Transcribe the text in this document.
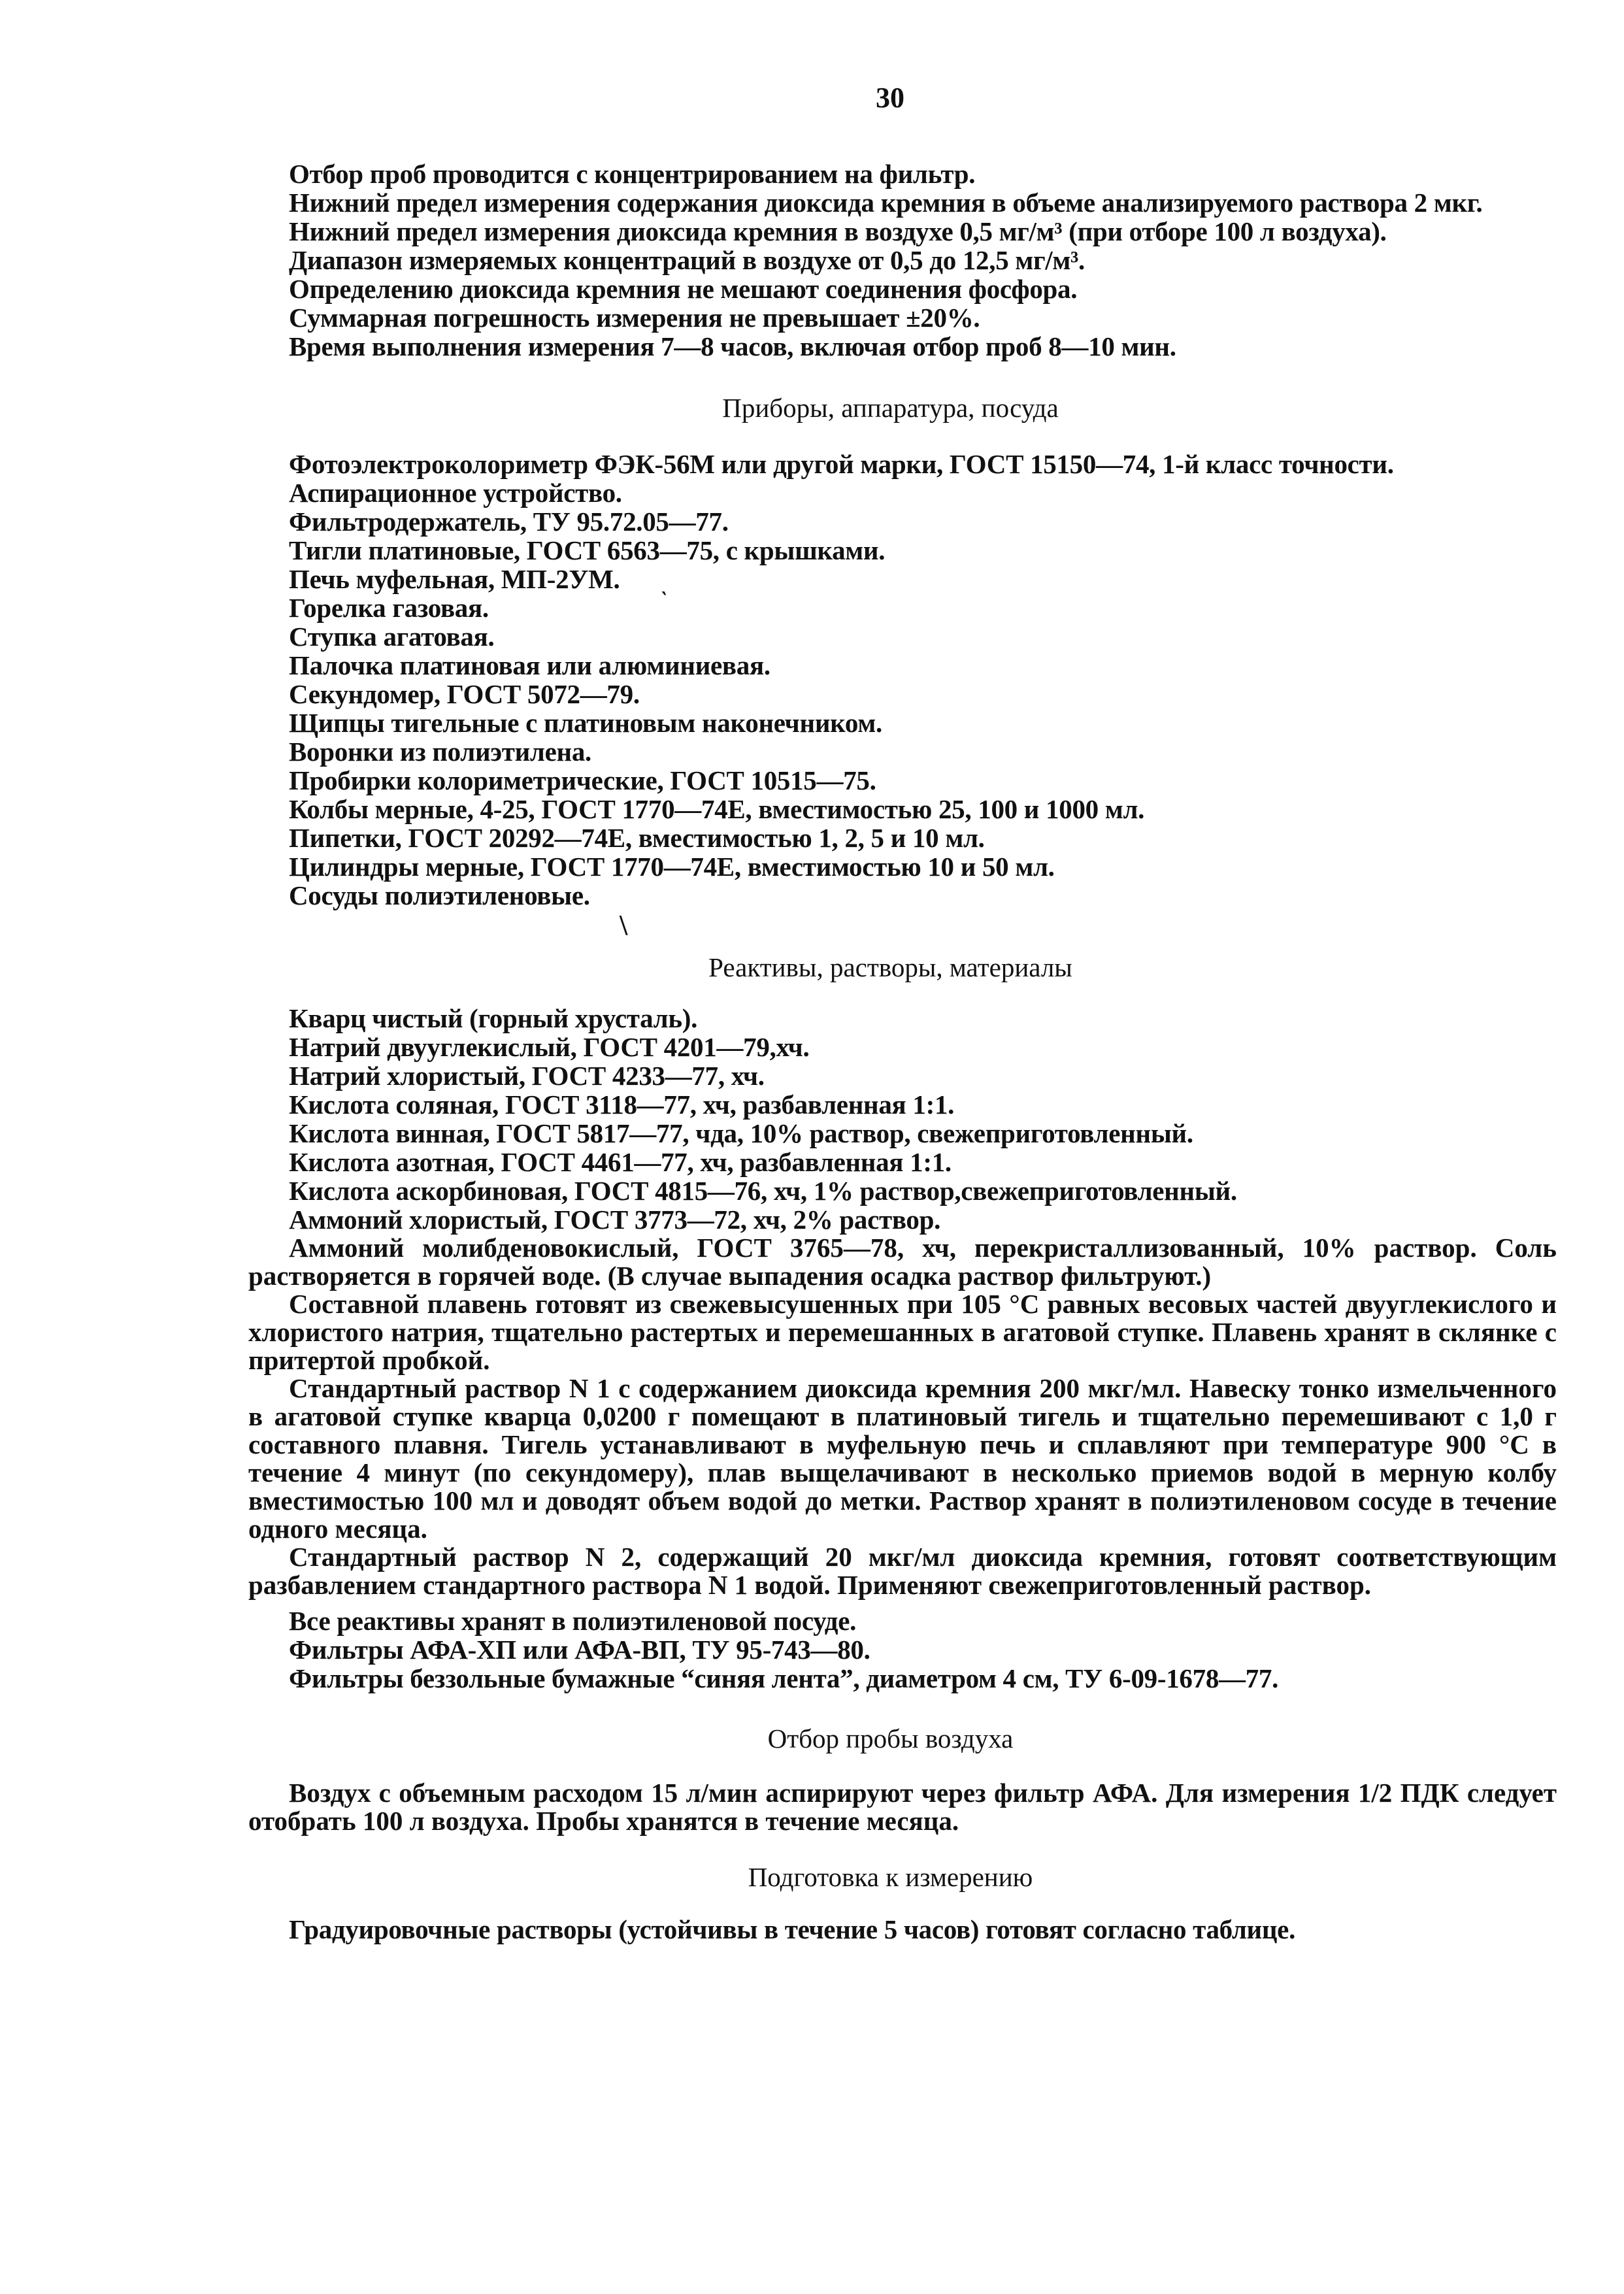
30
Отбор проб проводится с концентрированием на фильтр.
Нижний предел измерения содержания диоксида кремния в объеме анализируемого раствора 2 мкг.
Нижний предел измерения диоксида кремния в воздухе 0,5 мг/м³ (при отборе 100 л воздуха).
Диапазон измеряемых концентраций в воздухе от 0,5 до 12,5 мг/м³.
Определению диоксида кремния не мешают соединения фосфора.
Суммарная погрешность измерения не превышает ±20%.
Время выполнения измерения 7—8 часов, включая отбор проб 8—10 мин.
Приборы, аппаратура, посуда
Фотоэлектроколориметр ФЭК-56М или другой марки, ГОСТ 15150—74, 1-й класс точности.
Аспирационное устройство.
Фильтродержатель, ТУ 95.72.05—77.
Тигли платиновые, ГОСТ 6563—75, с крышками.
Печь муфельная, МП-2УМ.
Горелка газовая.
Ступка агатовая.
Палочка платиновая или алюминиевая.
Секундомер, ГОСТ 5072—79.
Щипцы тигельные с платиновым наконечником.
Воронки из полиэтилена.
Пробирки колориметрические, ГОСТ 10515—75.
Колбы мерные, 4-25, ГОСТ 1770—74Е, вместимостью 25, 100 и 1000 мл.
Пипетки, ГОСТ 20292—74Е, вместимостью 1, 2, 5 и 10 мл.
Цилиндры мерные, ГОСТ 1770—74Е, вместимостью 10 и 50 мл.
Сосуды полиэтиленовые.
‵
\
Реактивы, растворы, материалы
Кварц чистый (горный хрусталь).
Натрий двууглекислый, ГОСТ 4201—79,хч.
Натрий хлористый, ГОСТ 4233—77, хч.
Кислота соляная, ГОСТ 3118—77, хч, разбавленная 1:1.
Кислота винная, ГОСТ 5817—77, чда, 10% раствор, свежеприготовленный.
Кислота азотная, ГОСТ 4461—77, хч, разбавленная 1:1.
Кислота аскорбиновая, ГОСТ 4815—76, хч, 1% раствор,свежеприготовленный.
Аммоний хлористый, ГОСТ 3773—72, хч, 2% раствор.
Аммоний молибденовокислый, ГОСТ 3765—78, хч, перекристаллизованный, 10% раствор. Соль растворяется в горячей воде. (В случае выпадения осадка раствор фильтруют.)
Составной плавень готовят из свежевысушенных при 105 °С равных весовых частей двууглекислого и хлористого натрия, тщательно растертых и перемешанных в агатовой ступке. Плавень хранят в склянке с притертой пробкой.
Стандартный раствор N 1 с содержанием диоксида кремния 200 мкг/мл. Навеску тонко измельченного в агатовой ступке кварца 0,0200 г помещают в платиновый тигель и тщательно перемешивают с 1,0 г составного плавня. Тигель устанавливают в муфельную печь и сплавляют при температуре 900 °С в течение 4 минут (по секундомеру), плав выщелачивают в несколько приемов водой в мерную колбу вместимостью 100 мл и доводят объем водой до метки. Раствор хранят в полиэтиленовом сосуде в течение одного месяца.
Стандартный раствор N 2, содержащий 20 мкг/мл диоксида кремния, готовят соответствующим разбавлением стандартного раствора N 1 водой. Применяют свежеприготовленный раствор.
Все реактивы хранят в полиэтиленовой посуде.
Фильтры АФА-ХП или АФА-ВП, ТУ 95-743—80.
Фильтры беззольные бумажные “синяя лента”, диаметром 4 см, ТУ 6-09-1678—77.
Отбор пробы воздуха
Воздух с объемным расходом 15 л/мин аспирируют через фильтр АФА. Для измерения 1/2 ПДК следует отобрать 100 л воздуха. Пробы хранятся в течение месяца.
Подготовка к измерению
Градуировочные растворы (устойчивы в течение 5 часов) готовят согласно таблице.
